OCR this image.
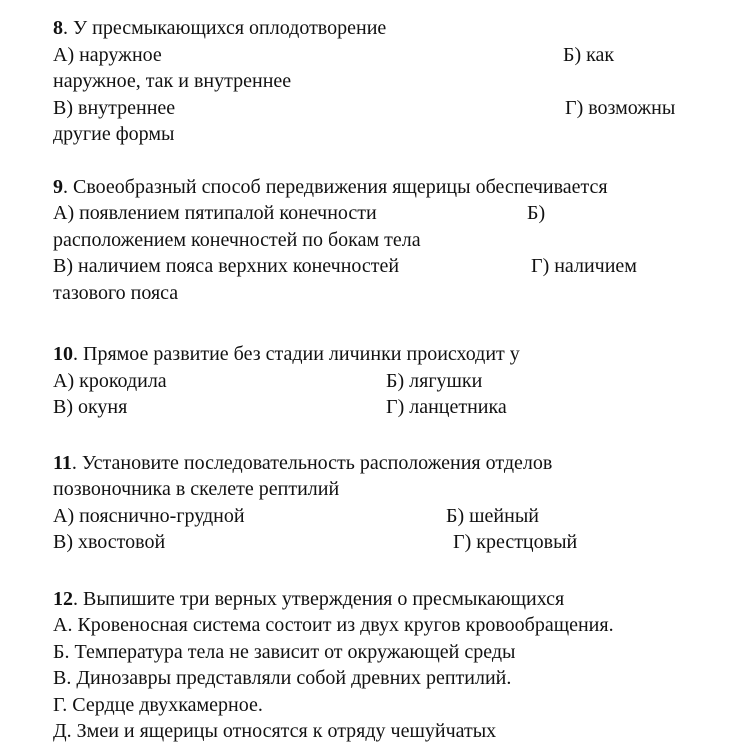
8. У пресмыкающихся оплодотворение
А) наружное	Б) как
наружное, так и внутреннее
В) внутреннее	Г) возможны
другие формы
9. Своеобразный способ передвижения ящерицы обеспечивается
А) появлением пятипалой конечности	Б)
расположением конечностей по бокам тела
В) наличием пояса верхних конечностей	Г) наличием
тазового пояса
10. Прямое развитие без стадии личинки происходит у
А) крокодила	Б) лягушки
В) окуня	Г) ланцетника
11. Установите последовательность расположения отделов
позвоночника в скелете рептилий
А) пояснично-грудной	Б) шейный
В) хвостовой	Г) крестцовый
12. Выпишите три верных утверждения о пресмыкающихся
А. Кровеносная система состоит из двух кругов кровообращения.
Б. Температура тела не зависит от окружающей среды
В. Динозавры представляли собой древних рептилий.
Г. Сердце двухкамерное.
Д. Змеи и ящерицы относятся к отряду чешуйчатых
